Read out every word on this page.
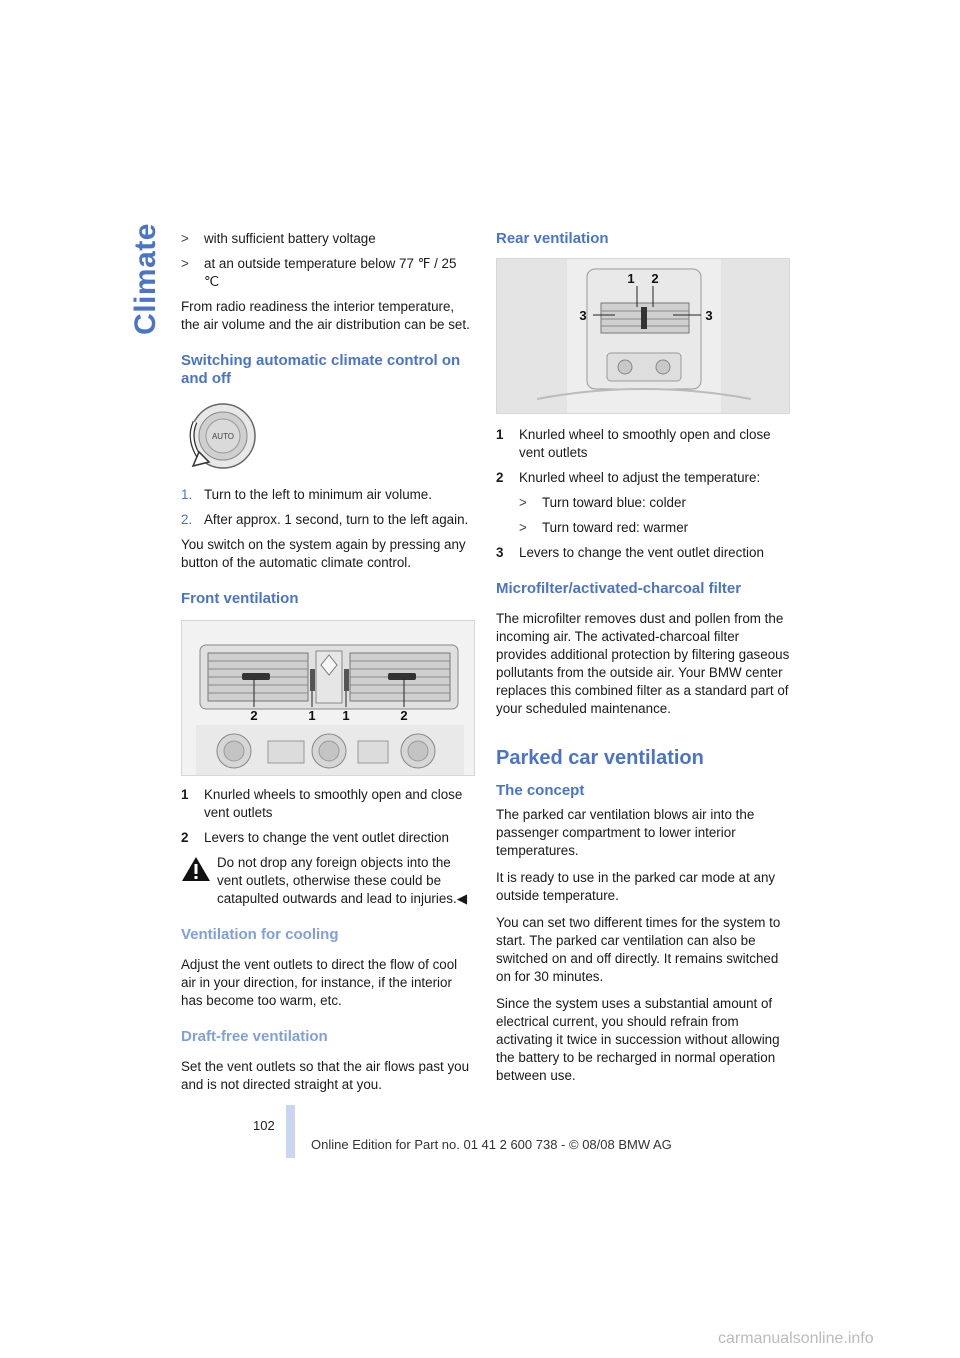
Climate >	with sufficient battery voltage
>	at an outside temperature below 77 ℉ / 25 ℃

From radio readiness the interior temperature, the air volume and the air distribution can be set.

Switching automatic climate control on and off
AUTO
1. Turn to the left to minimum air volume.
2. After approx. 1 second, turn to the left again.

You switch on the system again by pressing any button of the automatic climate control.

Front ventilation
2	1 1	2
1	Knurled wheels to smoothly open and close vent outlets
2	Levers to change the vent outlet direction
Do not drop any foreign objects into the vent outlets, otherwise these could be catapulted outwards and lead to injuries.◀
Ventilation for cooling

Adjust the vent outlets to direct the flow of cool air in your direction, for instance, if the interior has become too warm, etc.

Draft-free ventilation

Set the vent outlets so that the air flows past you and is not directed straight at you.

Rear ventilation
1 2
3	3
1	Knurled wheel to smoothly open and close vent outlets
2	Knurled wheel to adjust the temperature:
>	Turn toward blue: colder
>	Turn toward red: warmer
3	Levers to change the vent outlet direction
Microfilter/activated-charcoal filter

The microfilter removes dust and pollen from the incoming air. The activated-charcoal filter provides additional protection by filtering gaseous pollutants from the outside air. Your BMW center replaces this combined filter as a standard part of your scheduled maintenance.

Parked car ventilation
The concept

The parked car ventilation blows air into the passenger compartment to lower interior temperatures.

It is ready to use in the parked car mode at any outside temperature.

You can set two different times for the system to start. The parked car ventilation can also be switched on and off directly. It remains switched on for 30 minutes.

Since the system uses a substantial amount of electrical current, you should refrain from activating it twice in succession without allowing the battery to be recharged in normal operation between use.

102
Online Edition for Part no. 01 41 2 600 738 - © 08/08 BMW AG
carmanualsonline.info
